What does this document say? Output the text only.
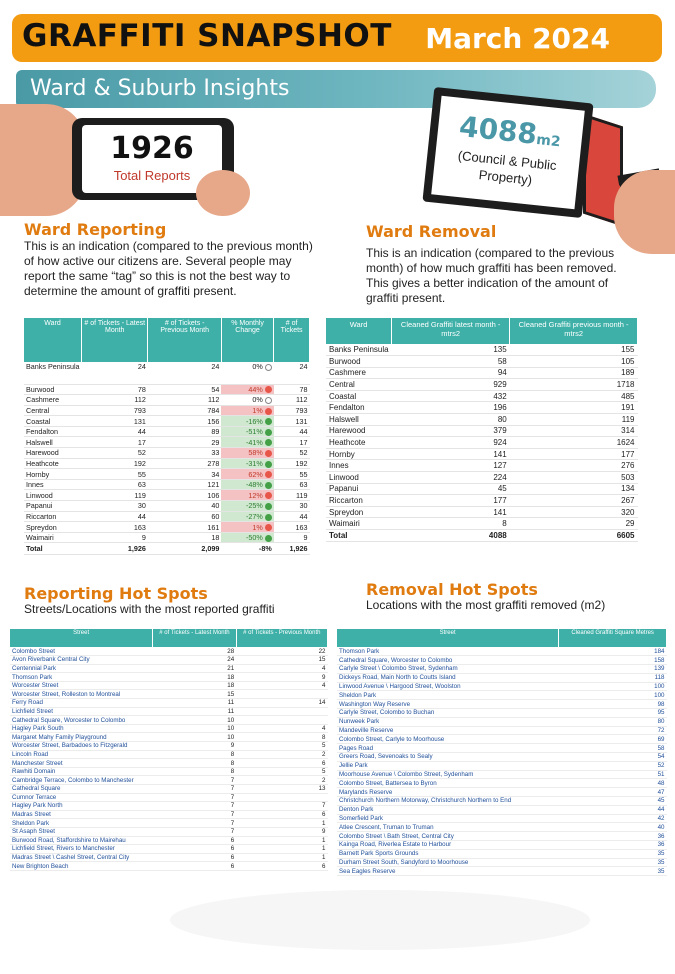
GRAFFITI SNAPSHOT March 2024
Ward & Suburb Insights
1926
Total Reports
4088m2
(Council & Public Property)
Ward Reporting
This is an indication (compared to the previous month) of how active our citizens are. Several people may report the same “tag” so this is not the best way to determine the amount of graffiti present.
Ward Removal
This is an indication (compared to the previous month) of how much graffiti has been removed. This gives a better indication of the amount of graffiti present.
Ward	# of Tickets - Latest Month	# of Tickets - Previous Month	% Monthly Change	# of Tickets
Banks Peninsula	24	24	0%	24
Burwood	78	54	44%	78
Cashmere	112	112	0%	112
Central	793	784	1%	793
Coastal	131	156	-16%	131
Fendalton	44	89	-51%	44
Halswell	17	29	-41%	17
Harewood	52	33	58%	52
Heathcote	192	278	-31%	192
Hornby	55	34	62%	55
Innes	63	121	-48%	63
Linwood	119	106	12%	119
Papanui	30	40	-25%	30
Riccarton	44	60	-27%	44
Spreydon	163	161	1%	163
Waimairi	9	18	-50%	9
Total	1,926	2,099	-8%	1,926
Ward	Cleaned Graffiti latest month - mtrs2	Cleaned Graffiti previous month - mtrs2
Banks Peninsula	135	155
Burwood	58	105
Cashmere	94	189
Central	929	1718
Coastal	432	485
Fendalton	196	191
Halswell	80	119
Harewood	379	314
Heathcote	924	1624
Hornby	141	177
Innes	127	276
Linwood	224	503
Papanui	45	134
Riccarton	177	267
Spreydon	141	320
Waimairi	8	29
Total	4088	6605
Reporting Hot Spots
Streets/Locations with the most reported graffiti
Removal Hot Spots
Locations with the most graffiti removed (m2)
Street	# of Tickets - Latest Month	# of Tickets - Previous Month
Colombo Street	28	22
Avon Riverbank Central City	24	15
Centennial Park	21	4
Thomson Park	18	9
Worcester Street	18	4
Worcester Street, Rolleston to Montreal	15	
Ferry Road	11	14
Lichfield Street	11	
Cathedral Square, Worcester to Colombo	10	
Hagley Park South	10	4
Margaret Mahy Family Playground	10	8
Worcester Street, Barbadoes to Fitzgerald	9	5
Lincoln Road	8	2
Manchester Street	8	6
Rawhiti Domain	8	5
Cambridge Terrace, Colombo to Manchester	7	2
Cathedral Square	7	13
Cumnor Terrace	7	
Hagley Park North	7	7
Madras Street	7	6
Sheldon Park	7	1
St Asaph Street	7	9
Burwood Road, Staffordshire to Mairehau	6	1
Lichfield Street, Rivers to Manchester	6	1
Madras Street \ Cashel Street, Central City	6	1
New Brighton Beach	6	6
Street	Cleaned Graffiti Square Metres
Thomson Park	184
Cathedral Square, Worcester to Colombo	158
Carlyle Street \ Colombo Street, Sydenham	139
Dickeys Road, Main North to Coutts Island	118
Linwood Avenue \ Hargood Street, Woolston	100
Sheldon Park	100
Washington Way Reserve	98
Carlyle Street, Colombo to Buchan	95
Nunweek Park	80
Mandeville Reserve	72
Colombo Street, Carlyle to Moorhouse	69
Pages Road	58
Greers Road, Sevenoaks to Sealy	54
Jellie Park	52
Moorhouse Avenue \ Colombo Street, Sydenham	51
Colombo Street, Battersea to Byron	48
Marylands Reserve	47
Christchurch Northern Motorway, Christchurch Northern to End	45
Denton Park	44
Somerfield Park	42
Atlee Crescent, Truman to Truman	40
Colombo Street \ Bath Street, Central City	36
Kainga Road, Riverlea Estate to Harbour	36
Barnett Park Sports Grounds	35
Durham Street South, Sandyford to Moorhouse	35
Sea Eagles Reserve	35
